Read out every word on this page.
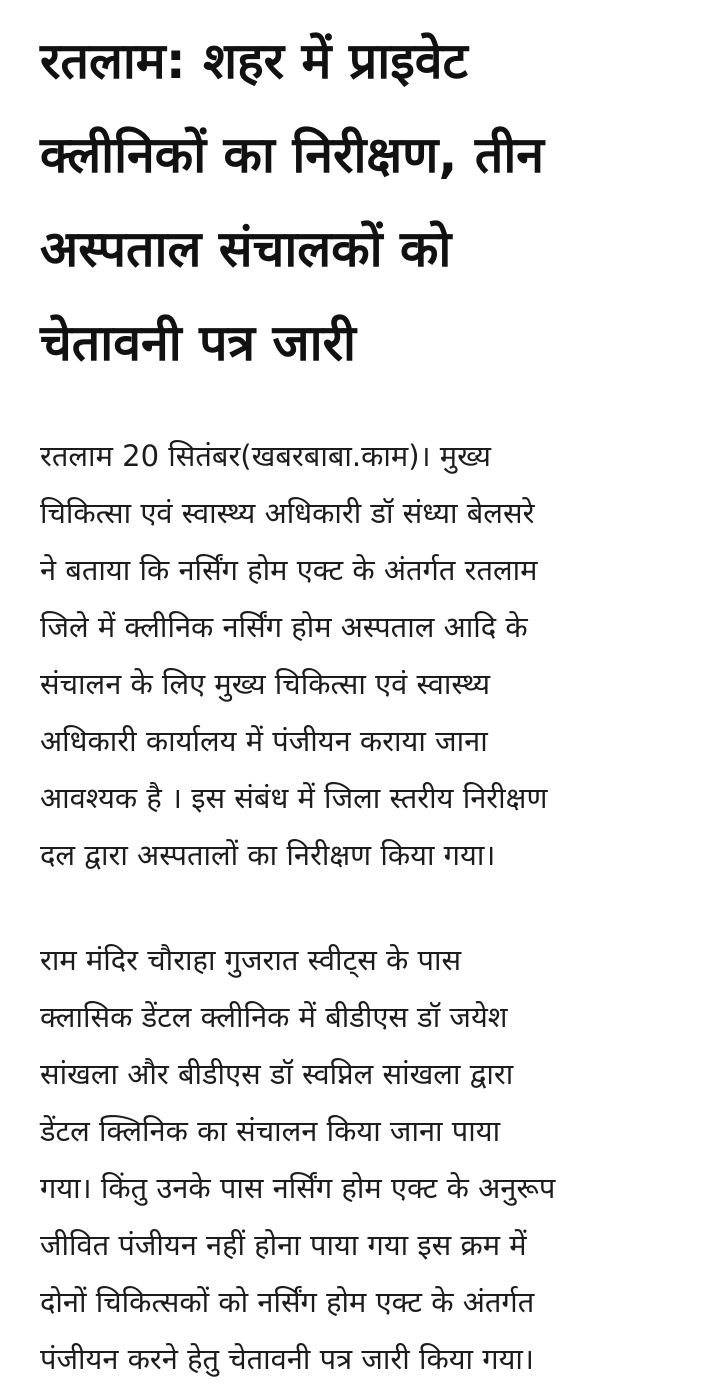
रतलाम: शहर में प्राइवेट
क्लीनिकों का निरीक्षण, तीन
अस्पताल संचालकों को
चेतावनी पत्र जारी

रतलाम 20 सितंबर(खबरबाबा.काम)। मुख्य
चिकित्सा एवं स्वास्थ्य अधिकारी डॉ संध्या बेलसरे
ने बताया कि नर्सिंग होम एक्ट के अंतर्गत रतलाम
जिले में क्लीनिक नर्सिंग होम अस्पताल आदि के
संचालन के लिए मुख्य चिकित्सा एवं स्वास्थ्य
अधिकारी कार्यालय में पंजीयन कराया जाना
आवश्यक है । इस संबंध में जिला स्तरीय निरीक्षण
दल द्वारा अस्पतालों का निरीक्षण किया गया।

राम मंदिर चौराहा गुजरात स्वीट्स के पास
क्लासिक डेंटल क्लीनिक में बीडीएस डॉ जयेश
सांखला और बीडीएस डॉ स्वप्निल सांखला द्वारा
डेंटल क्लिनिक का संचालन किया जाना पाया
गया। किंतु उनके पास नर्सिंग होम एक्ट के अनुरूप
जीवित पंजीयन नहीं होना पाया गया इस क्रम में
दोनों चिकित्सकों को नर्सिंग होम एक्ट के अंतर्गत
पंजीयन करने हेतु चेतावनी पत्र जारी किया गया।
